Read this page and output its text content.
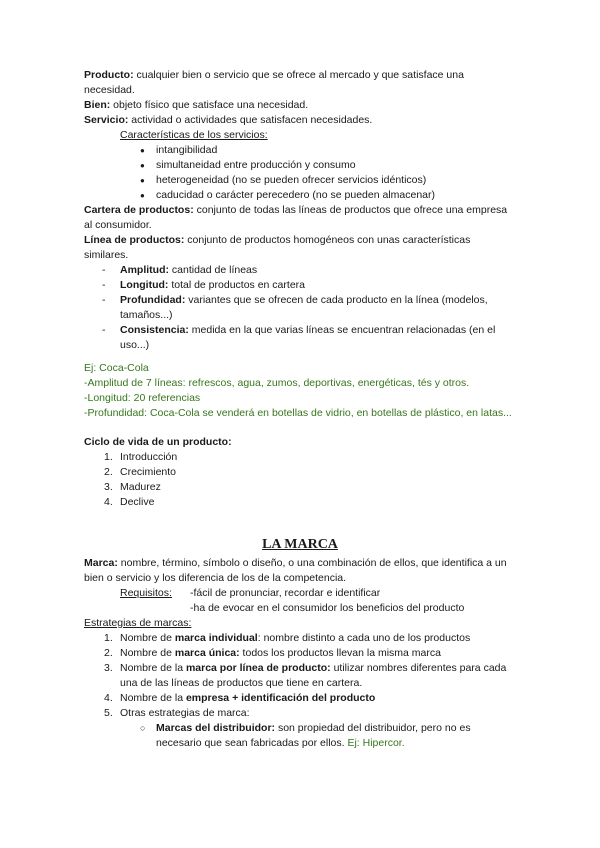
Producto: cualquier bien o servicio que se ofrece al mercado y que satisface una necesidad.

Bien: objeto físico que satisface una necesidad.

Servicio: actividad o actividades que satisfacen necesidades.

Características de los servicios:

● intangibilidad
● simultaneidad entre producción y consumo
● heterogeneidad (no se pueden ofrecer servicios idénticos)
● caducidad o carácter perecedero (no se pueden almacenar)

Cartera de productos: conjunto de todas las líneas de productos que ofrece una empresa al consumidor.

Línea de productos: conjunto de productos homogéneos con unas características similares.

- Amplitud: cantidad de líneas
- Longitud: total de productos en cartera
- Profundidad: variantes que se ofrecen de cada producto en la línea (modelos, tamaños...)
- Consistencia: medida en la que varias líneas se encuentran relacionadas (en el uso...)

Ej: Coca-Cola

-Amplitud de 7 líneas: refrescos, agua, zumos, deportivas, energéticas, tés y otros.

-Longitud: 20 referencias

-Profundidad: Coca-Cola se venderá en botellas de vidrio, en botellas de plástico, en latas...

Ciclo de vida de un producto:

Introducción
Crecimiento
Madurez
Declive
LA MARCA

Marca: nombre, término, símbolo o diseño, o una combinación de ellos, que identifica a un bien o servicio y los diferencia de los de la competencia.

Requisitos:	-fácil de pronunciar, recordar e identificar

-ha de evocar en el consumidor los beneficios del producto

Estrategias de marcas:

Nombre de marca individual: nombre distinto a cada uno de los productos
Nombre de marca única: todos los productos llevan la misma marca
Nombre de la marca por línea de producto: utilizar nombres diferentes para cada una de las líneas de productos que tiene en cartera.
Nombre de la empresa + identificación del producto
Otras estrategias de marca:
○ Marcas del distribuidor: son propiedad del distribuidor, pero no es necesario que sean fabricadas por ellos. Ej: Hipercor.
